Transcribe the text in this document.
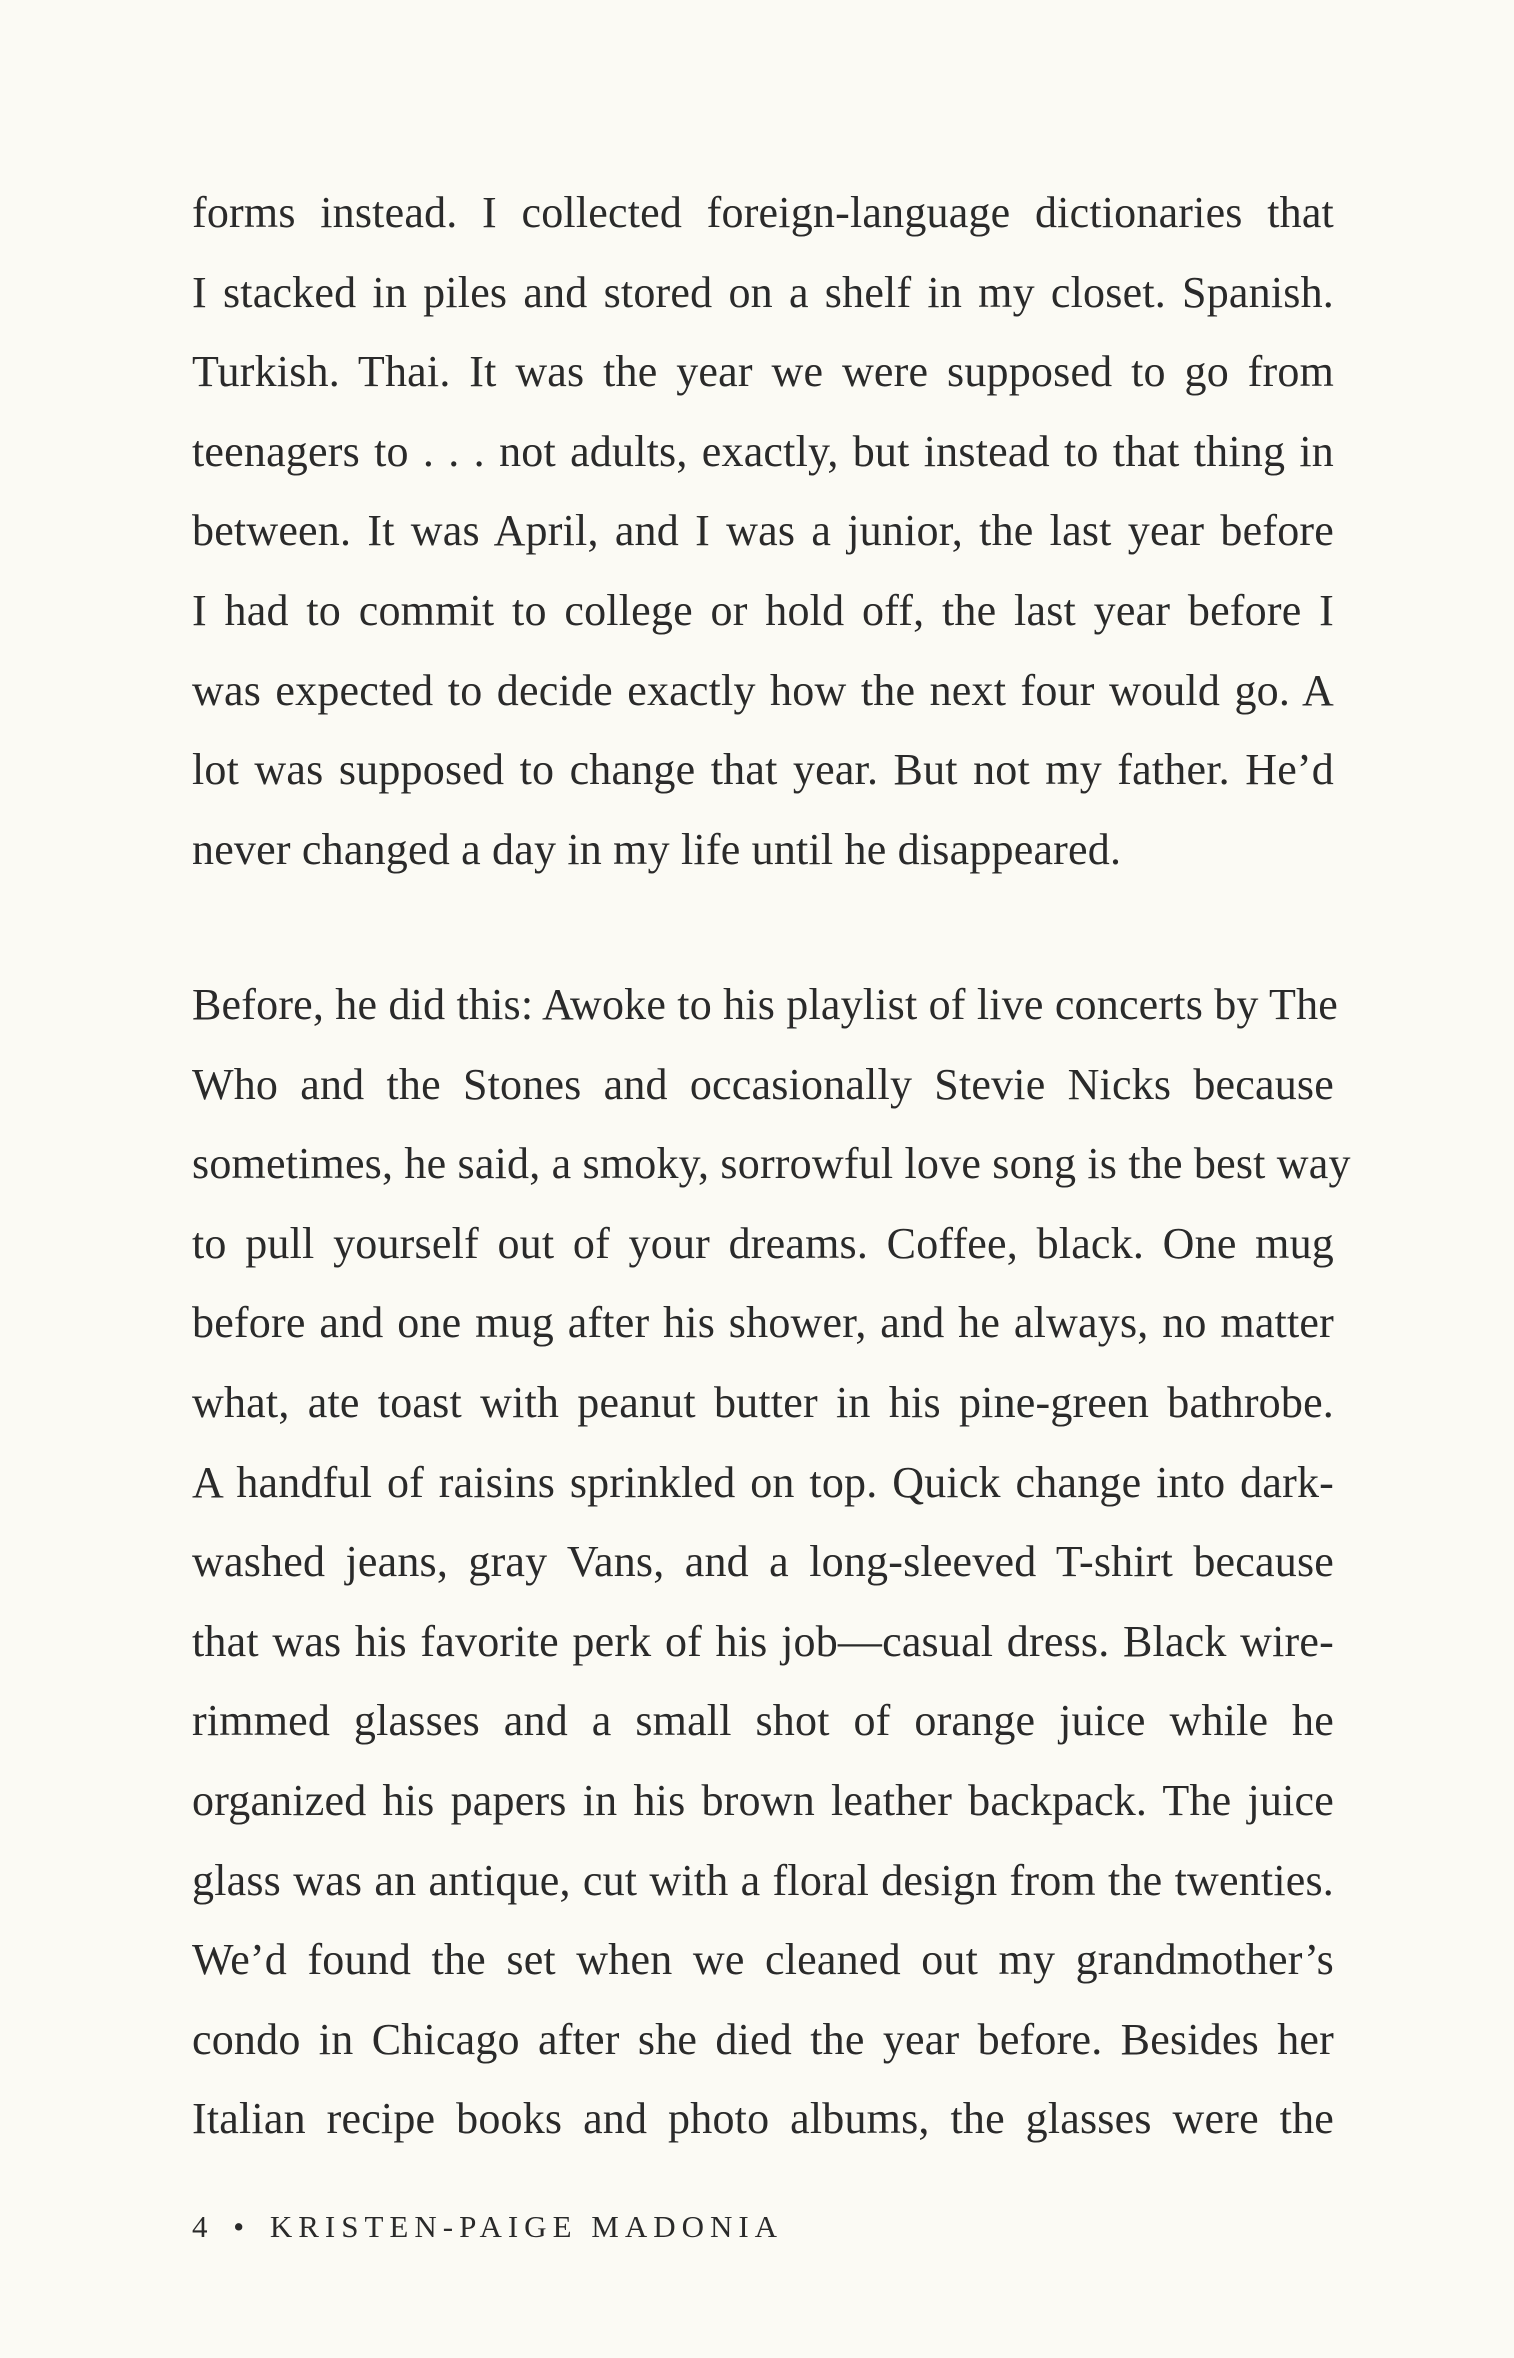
forms instead. I collected foreign-language dictionaries that
I stacked in piles and stored on a shelf in my closet. Spanish.
Turkish. Thai. It was the year we were supposed to go from
teenagers to . . . not adults, exactly, but instead to that thing in
between. It was April, and I was a junior, the last year before
I had to commit to college or hold off, the last year before I
was expected to decide exactly how the next four would go. A
lot was supposed to change that year. But not my father. He’d
never changed a day in my life until he disappeared.
Before, he did this: Awoke to his playlist of live concerts by The
Who and the Stones and occasionally Stevie Nicks because
sometimes, he said, a smoky, sorrowful love song is the best way
to pull yourself out of your dreams. Coffee, black. One mug
before and one mug after his shower, and he always, no matter
what, ate toast with peanut butter in his pine-green bathrobe.
A handful of raisins sprinkled on top. Quick change into dark-
washed jeans, gray Vans, and a long-sleeved T-shirt because
that was his favorite perk of his job—casual dress. Black wire-
rimmed glasses and a small shot of orange juice while he
organized his papers in his brown leather backpack. The juice
glass was an antique, cut with a floral design from the twenties.
We’d found the set when we cleaned out my grandmother’s
condo in Chicago after she died the year before. Besides her
Italian recipe books and photo albums, the glasses were the
4 • KRISTEN-PAIGE MADONIA
